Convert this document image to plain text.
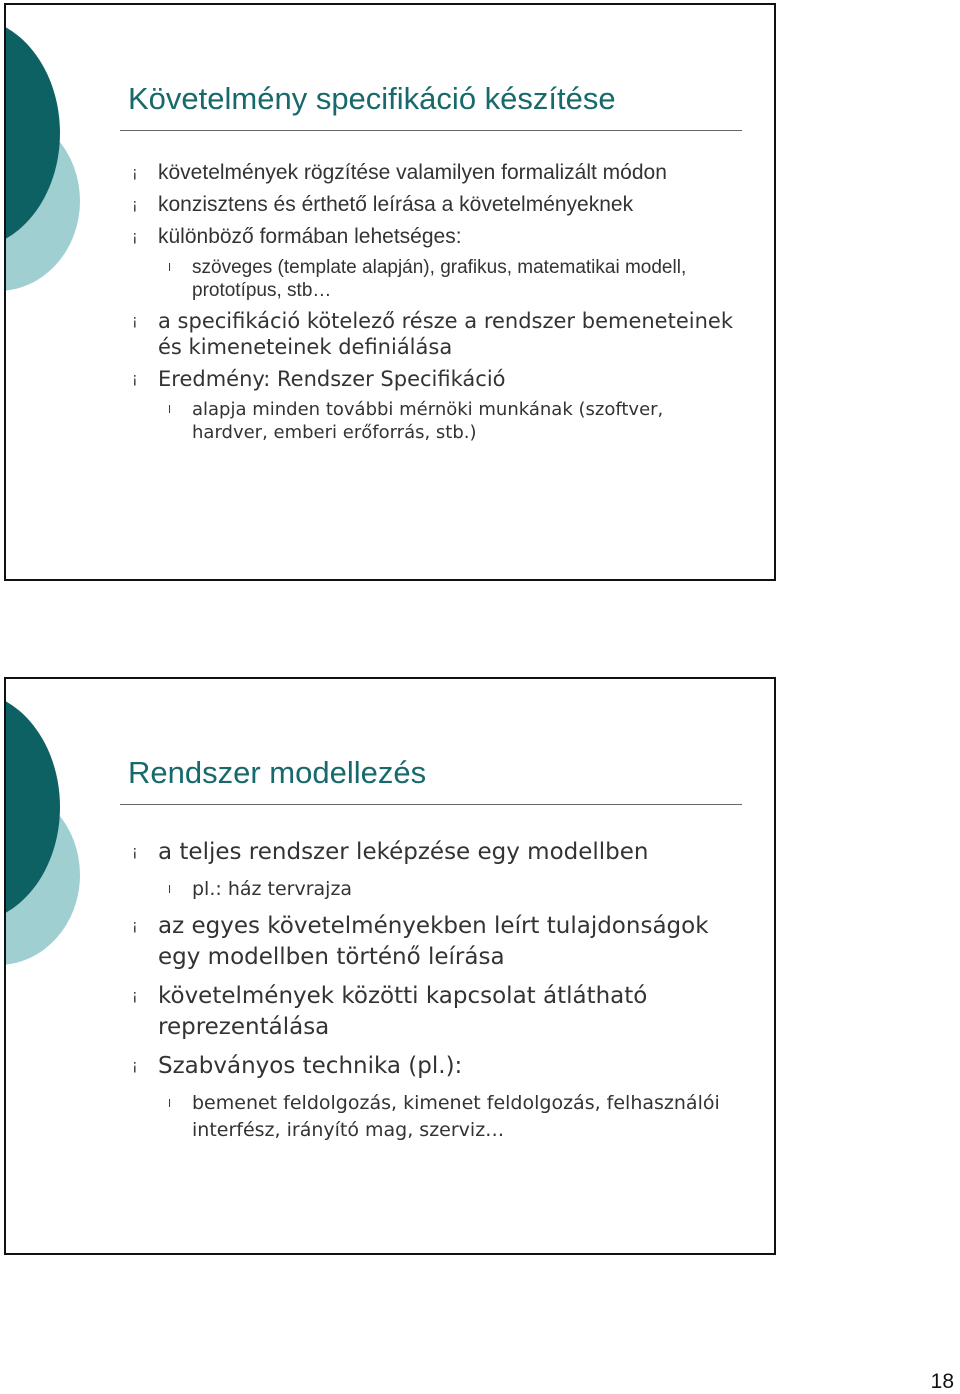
Követelmény specifikáció készítése
¡ követelmények rögzítése valamilyen formalizált módon
¡ konzisztens és érthető leírása a követelményeknek
¡ különböző formában lehetséges:
l szöveges (template alapján), grafikus, matematikai modell, prototípus, stb…
¡ a specifikáció kötelező része a rendszer bemeneteinek és kimeneteinek definiálása
¡ Eredmény: Rendszer Specifikáció
l alapja minden további mérnöki munkának (szoftver, hardver, emberi erőforrás, stb.)
Rendszer modellezés
¡ a teljes rendszer leképzése egy modellben
l pl.: ház tervrajza
¡ az egyes követelményekben leírt tulajdonságok egy modellben történő leírása
¡ követelmények közötti kapcsolat átlátható reprezentálása
¡ Szabványos technika (pl.):
l bemenet feldolgozás, kimenet feldolgozás, felhasználói interfész, irányító mag, szerviz…
18
